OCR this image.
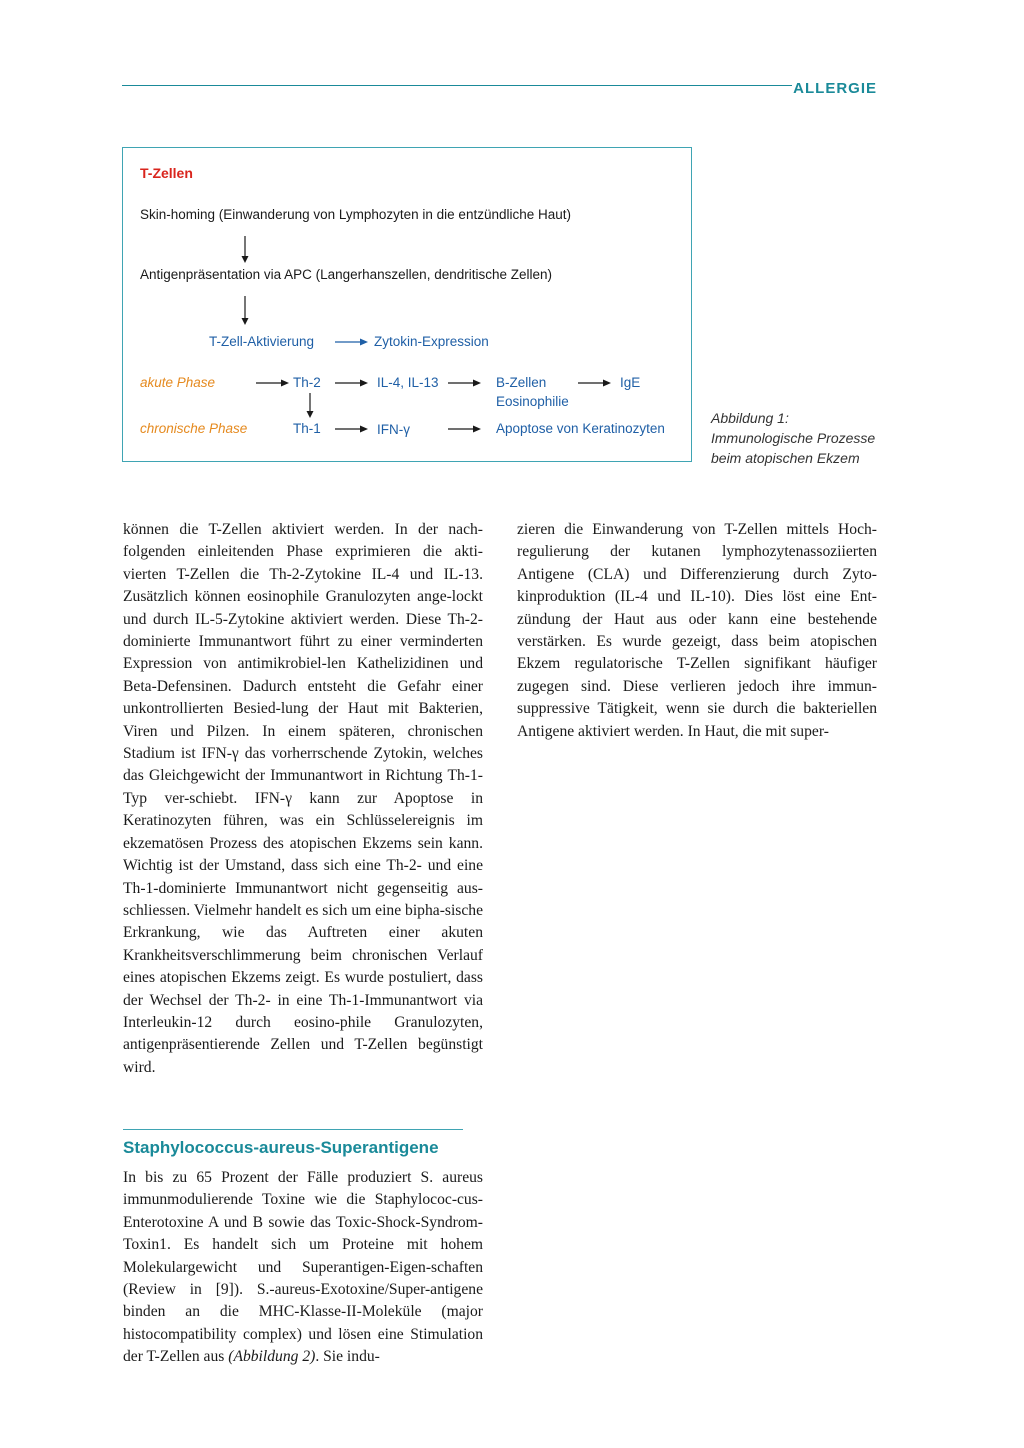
ALLERGIE
T-Zellen
Skin-homing (Einwanderung von Lymphozyten in die entzündliche Haut)
Antigenpräsentation via APC (Langerhanszellen, dendritische Zellen)
T-Zell-Aktivierung	Zytokin-Expression
akute Phase	Th-2	IL-4, IL-13	B-Zellen
Eosinophilie
IgE
chronische Phase	Th-1	IFN-γ	Apoptose von Keratinozyten
Abbildung 1: Immunologische Prozesse beim atopischen Ekzem

können die T-Zellen aktiviert werden. In der nach-folgenden einleitenden Phase exprimieren die akti-vierten T-Zellen die Th-2-Zytokine IL-4 und IL-13. Zusätzlich können eosinophile Granulozyten ange-lockt und durch IL-5-Zytokine aktiviert werden. Diese Th-2-dominierte Immunantwort führt zu einer verminderten Expression von antimikrobiel-len Kathelizidinen und Beta-Defensinen. Dadurch entsteht die Gefahr einer unkontrollierten Besied-lung der Haut mit Bakterien, Viren und Pilzen. In einem späteren, chronischen Stadium ist IFN-γ das vorherrschende Zytokin, welches das Gleichgewicht der Immunantwort in Richtung Th-1-Typ ver-schiebt. IFN-γ kann zur Apoptose in Keratinozyten führen, was ein Schlüsselereignis im ekzematösen Prozess des atopischen Ekzems sein kann. Wichtig ist der Umstand, dass sich eine Th-2- und eine Th-1-dominierte Immunantwort nicht gegenseitig aus-schliessen. Vielmehr handelt es sich um eine bipha-sische Erkrankung, wie das Auftreten einer akuten Krankheitsverschlimmerung beim chronischen Verlauf eines atopischen Ekzems zeigt. Es wurde postuliert, dass der Wechsel der Th-2- in eine Th-1-Immunantwort via Interleukin-12 durch eosino-phile Granulozyten, antigenpräsentierende Zellen und T-Zellen begünstigt wird.

zieren die Einwanderung von T-Zellen mittels Hoch-regulierung der kutanen lymphozytenassoziierten Antigene (CLA) und Differenzierung durch Zyto-kinproduktion (IL-4 und IL-10). Dies löst eine Ent-zündung der Haut aus oder kann eine bestehende verstärken. Es wurde gezeigt, dass beim atopischen Ekzem regulatorische T-Zellen signifikant häufiger zugegen sind. Diese verlieren jedoch ihre immun-suppressive Tätigkeit, wenn sie durch die bakteriellen Antigene aktiviert werden. In Haut, die mit super-

Staphylococcus-aureus-Superantigene

In bis zu 65 Prozent der Fälle produziert S. aureus immunmodulierende Toxine wie die Staphylococ-cus-Enterotoxine A und B sowie das Toxic-Shock-Syndrom-Toxin1. Es handelt sich um Proteine mit hohem Molekulargewicht und Superantigen-Eigen-schaften (Review in [9]). S.-aureus-Exotoxine/Super-antigene binden an die MHC-Klasse-II-Moleküle (major histocompatibility complex) und lösen eine Stimulation der T-Zellen aus (Abbildung 2). Sie indu-
